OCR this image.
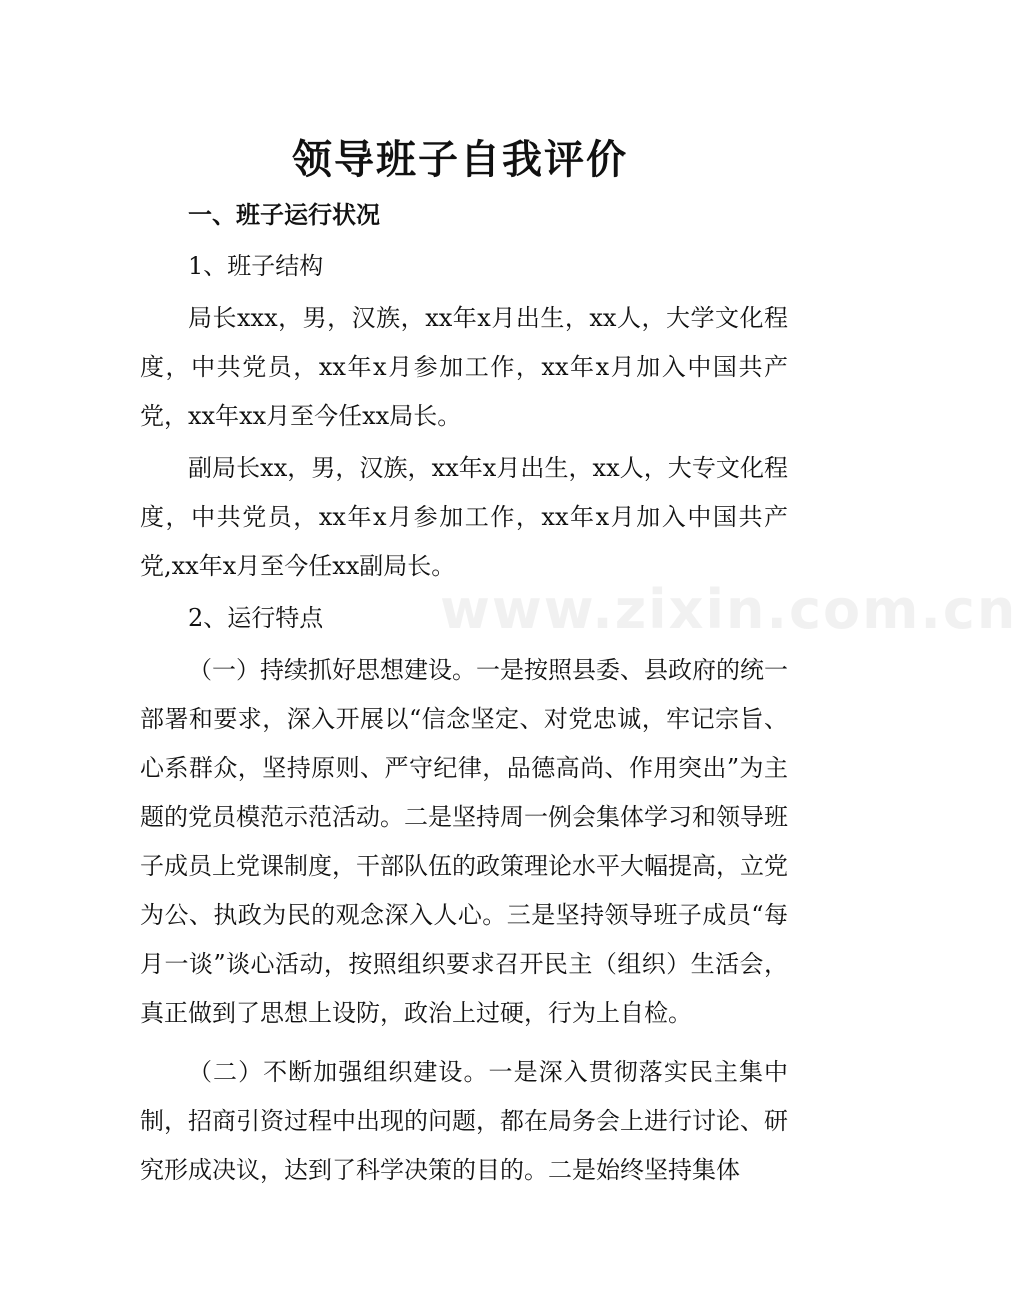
领导班子自我评价

一、班子运行状况

1、班子结构

局长xxx，男，汉族，xx年x月出生，xx人，大学文化程度，中共党员，xx年x月参加工作，xx年x月加入中国共产党，xx年xx月至今任xx局长。

副局长xx，男，汉族，xx年x月出生，xx人，大专文化程度，中共党员，xx年x月参加工作，xx年x月加入中国共产党,xx年x月至今任xx副局长。

2、运行特点

（一）持续抓好思想建设。一是按照县委、县政府的统一部署和要求，深入开展以“信念坚定、对党忠诚，牢记宗旨、心系群众，坚持原则、严守纪律，品德高尚、作用突出”为主题的党员模范示范活动。二是坚持周一例会集体学习和领导班子成员上党课制度，干部队伍的政策理论水平大幅提高，立党为公、执政为民的观念深入人心。三是坚持领导班子成员“每月一谈”谈心活动，按照组织要求召开民主（组织）生活会，真正做到了思想上设防，政治上过硬，行为上自检。

（二）不断加强组织建设。一是深入贯彻落实民主集中制，招商引资过程中出现的问题，都在局务会上进行讨论、研究形成决议，达到了科学决策的目的。二是始终坚持集体

www.zixin.com.cn
